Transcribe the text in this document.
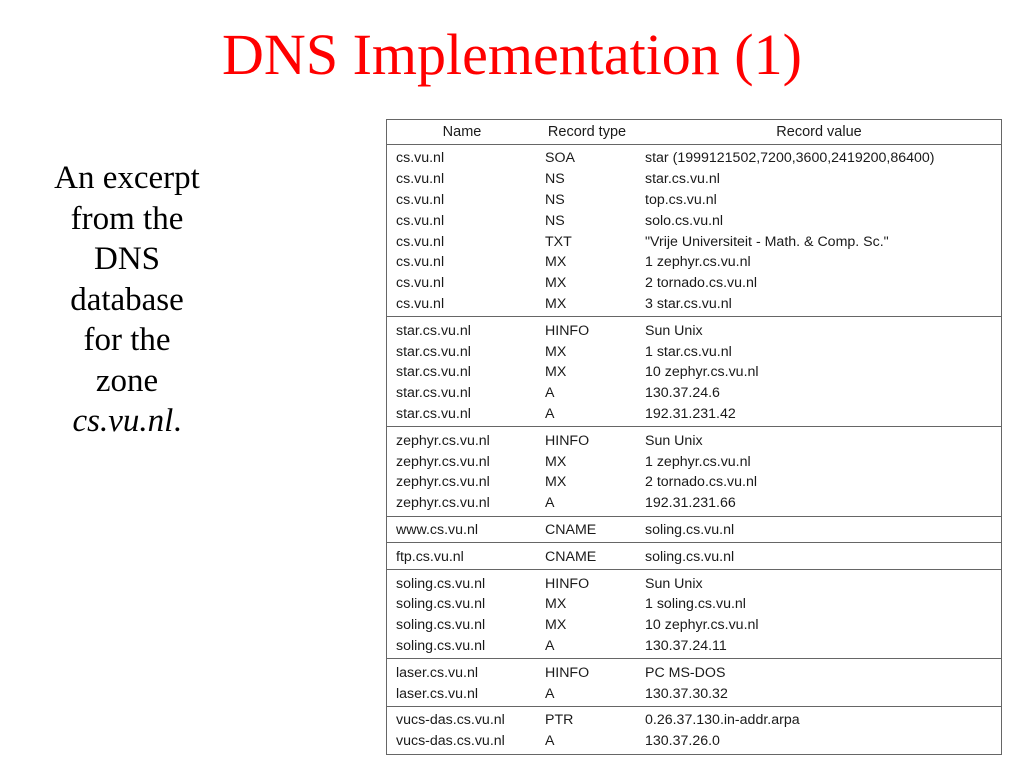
DNS Implementation (1)
An excerpt
from the
DNS
database
for the
zone
cs.vu.nl.
Name	Record type	Record value
cs.vu.nl	SOA	star (1999121502,7200,3600,2419200,86400)
cs.vu.nl	NS	star.cs.vu.nl
cs.vu.nl	NS	top.cs.vu.nl
cs.vu.nl	NS	solo.cs.vu.nl
cs.vu.nl	TXT	"Vrije Universiteit - Math. & Comp. Sc."
cs.vu.nl	MX	1 zephyr.cs.vu.nl
cs.vu.nl	MX	2 tornado.cs.vu.nl
cs.vu.nl	MX	3 star.cs.vu.nl
star.cs.vu.nl	HINFO	Sun Unix
star.cs.vu.nl	MX	1 star.cs.vu.nl
star.cs.vu.nl	MX	10 zephyr.cs.vu.nl
star.cs.vu.nl	A	130.37.24.6
star.cs.vu.nl	A	192.31.231.42
zephyr.cs.vu.nl	HINFO	Sun Unix
zephyr.cs.vu.nl	MX	1 zephyr.cs.vu.nl
zephyr.cs.vu.nl	MX	2 tornado.cs.vu.nl
zephyr.cs.vu.nl	A	192.31.231.66
www.cs.vu.nl	CNAME	soling.cs.vu.nl
ftp.cs.vu.nl	CNAME	soling.cs.vu.nl
soling.cs.vu.nl	HINFO	Sun Unix
soling.cs.vu.nl	MX	1 soling.cs.vu.nl
soling.cs.vu.nl	MX	10 zephyr.cs.vu.nl
soling.cs.vu.nl	A	130.37.24.11
laser.cs.vu.nl	HINFO	PC MS-DOS
laser.cs.vu.nl	A	130.37.30.32
vucs-das.cs.vu.nl	PTR	0.26.37.130.in-addr.arpa
vucs-das.cs.vu.nl	A	130.37.26.0
